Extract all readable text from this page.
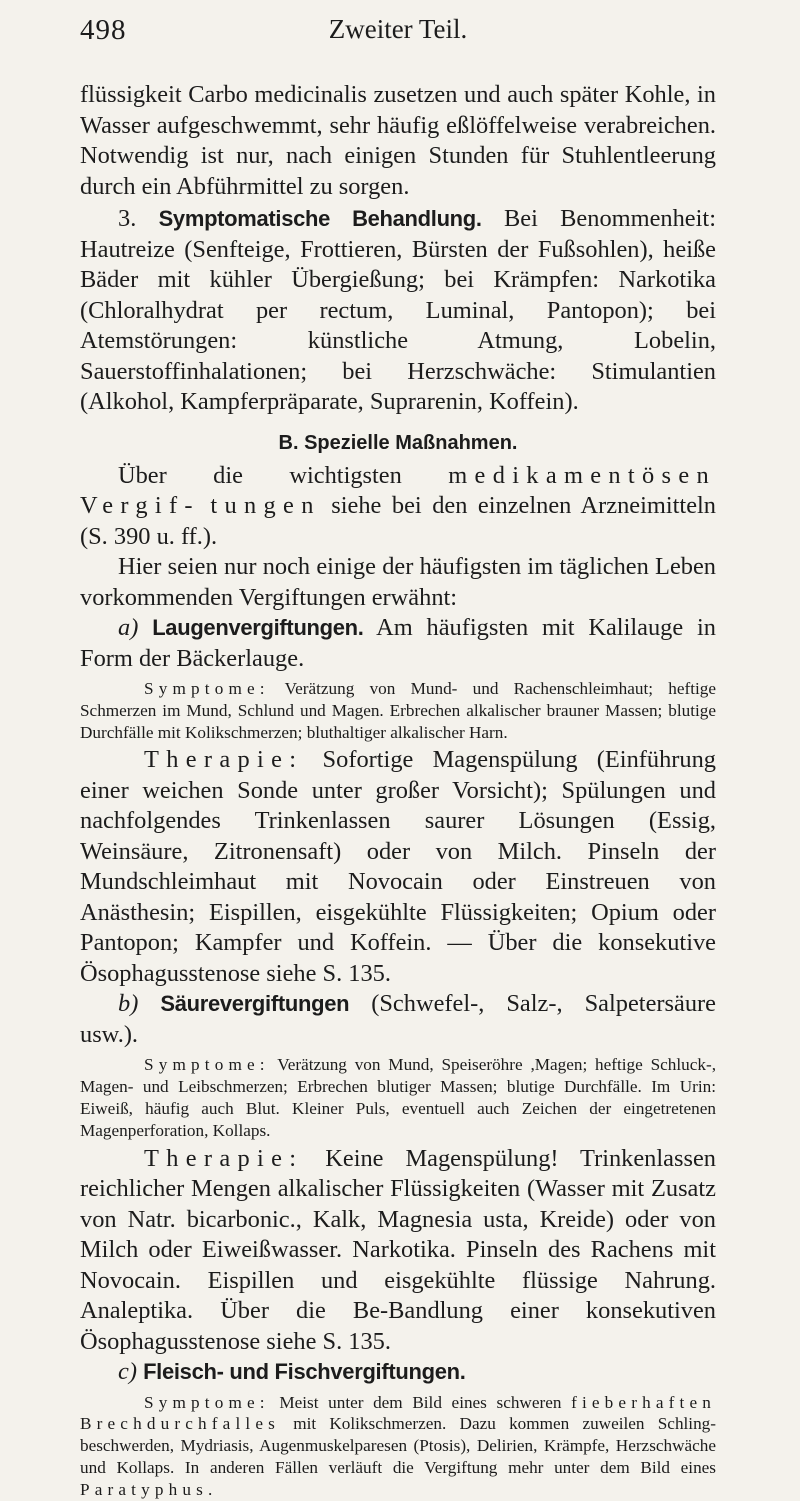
498	Zweiter Teil.

flüssigkeit Carbo medicinalis zusetzen und auch später Kohle, in Wasser aufgeschwemmt, sehr häufig eßlöffelweise verabreichen. Notwendig ist nur, nach einigen Stunden für Stuhlentleerung durch ein Abführmittel zu sorgen.

3. Symptomatische Behandlung. Bei Benommenheit: Hautreize (Senfteige, Frottieren, Bürsten der Fußsohlen), heiße Bäder mit kühler Übergießung; bei Krämpfen: Narkotika (Chloralhydrat per rectum, Luminal, Pantopon); bei Atemstörungen: künstliche Atmung, Lobelin, Sauerstoffinhalationen; bei Herzschwäche: Stimulantien (Alkohol, Kampferpräparate, Suprarenin, Koffein).

B. Spezielle Maßnahmen.

Über die wichtigsten medikamentösen Vergif- tungen siehe bei den einzelnen Arzneimitteln (S. 390 u. ff.).

Hier seien nur noch einige der häufigsten im täglichen Leben vorkommenden Vergiftungen erwähnt:

a) Laugenvergiftungen. Am häufigsten mit Kalilauge in Form der Bäckerlauge.

Symptome: Verätzung von Mund- und Rachenschleimhaut; heftige Schmerzen im Mund, Schlund und Magen. Erbrechen alkalischer brauner Massen; blutige Durchfälle mit Kolikschmerzen; bluthaltiger alkalischer Harn.

Therapie: Sofortige Magenspülung (Einführung einer weichen Sonde unter großer Vorsicht); Spülungen und nachfolgendes Trinkenlassen saurer Lösungen (Essig, Weinsäure, Zitronensaft) oder von Milch. Pinseln der Mundschleimhaut mit Novocain oder Einstreuen von Anästhesin; Eispillen, eisgekühlte Flüssigkeiten; Opium oder Pantopon; Kampfer und Koffein. — Über die konsekutive Ösophagusstenose siehe S. 135.

b) Säurevergiftungen (Schwefel-, Salz-, Salpetersäure usw.).

Symptome: Verätzung von Mund, Speiseröhre ,Magen; heftige Schluck-, Magen- und Leibschmerzen; Erbrechen blutiger Massen; blutige Durchfälle. Im Urin: Eiweiß, häufig auch Blut. Kleiner Puls, eventuell auch Zeichen der eingetretenen Magenperforation, Kollaps.

Therapie: Keine Magenspülung! Trinkenlassen reichlicher Mengen alkalischer Flüssigkeiten (Wasser mit Zusatz von Natr. bicarbonic., Kalk, Magnesia usta, Kreide) oder von Milch oder Eiweißwasser. Narkotika. Pinseln des Rachens mit Novocain. Eispillen und eisgekühlte flüssige Nahrung. Analeptika. Über die Be-Bandlung einer konsekutiven Ösophagusstenose siehe S. 135.

c) Fleisch- und Fischvergiftungen.

Symptome: Meist unter dem Bild eines schweren fieberhaften Brechdurchfalles mit Kolikschmerzen. Dazu kommen zuweilen Schling-beschwerden, Mydriasis, Augenmuskelparesen (Ptosis), Delirien, Krämpfe, Herzschwäche und Kollaps. In anderen Fällen verläuft die Vergiftung mehr unter dem Bild eines Paratyphus.
